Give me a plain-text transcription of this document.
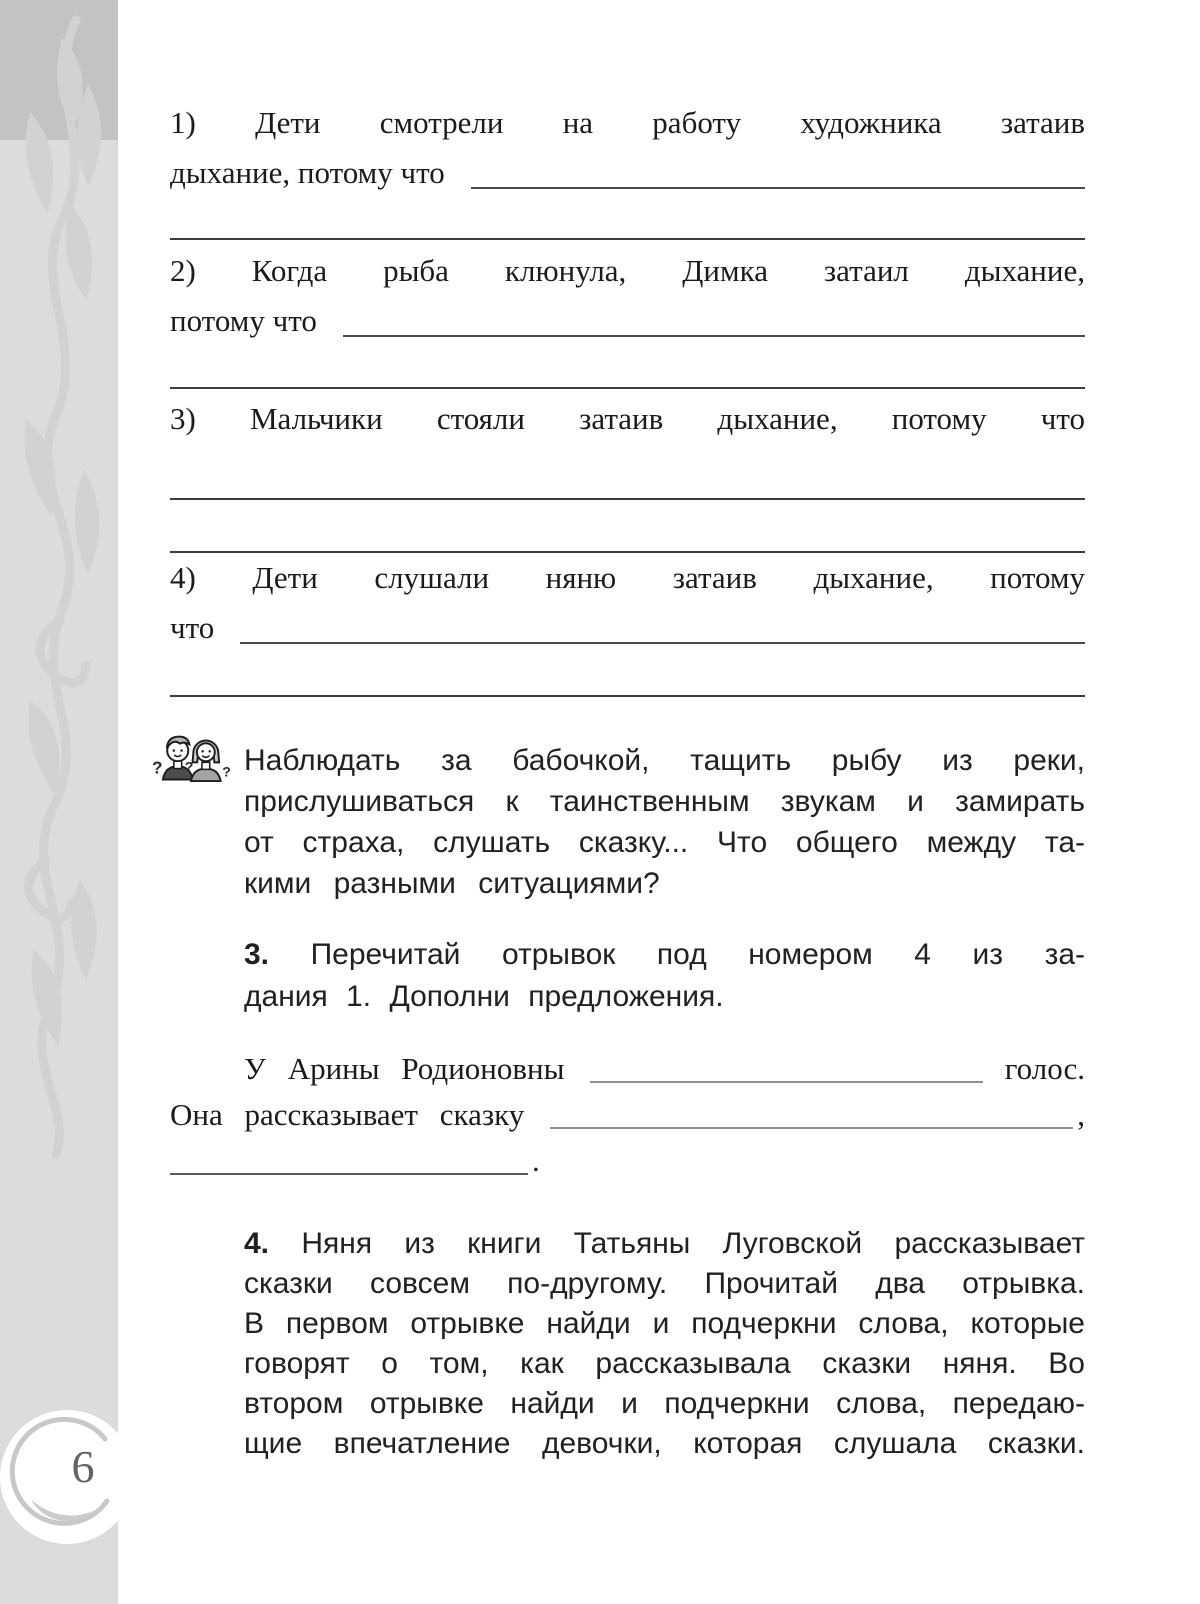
6
1) Дети смотрели на работу художника затаив
дыхание, потому что
2) Когда рыба клюнула, Димка затаил дыхание,
потому что
3) Мальчики стояли затаив дыхание, потому что
4) Дети слушали няню затаив дыхание, потому
что
? ? ? Наблюдать за бабочкой, тащить рыбу из реки,
прислушиваться к таинственным звукам и замирать
от страха, слушать сказку... Что общего между та-
кими разными ситуациями?
3. Перечитай отрывок под номером 4 из за-
дания 1. Дополни предложения.
У Арины Родионовны	голос.
Она рассказывает сказку	,
.
4. Няня из книги Татьяны Луговской рассказывает
сказки совсем по-другому. Прочитай два отрывка.
В первом отрывке найди и подчеркни слова, которые
говорят о том, как рассказывала сказки няня. Во
втором отрывке найди и подчеркни слова, передаю-
щие впечатление девочки, которая слушала сказки.
